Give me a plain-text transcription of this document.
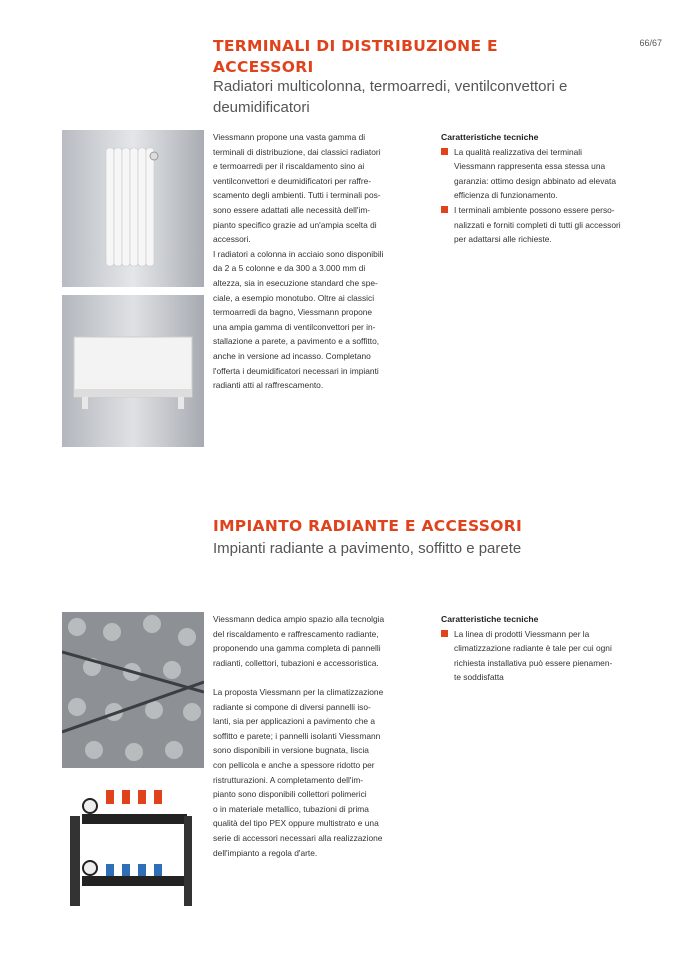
66/67
TERMINALI DI DISTRIBUZIONE E
ACCESSORI
Radiatori multicolonna, termoarredi, ventilconvettori e
deumidificatori
Viessmann propone una vasta gamma di
terminali di distribuzione, dai classici radiatori
e termoarredi per il riscaldamento sino ai
ventilconvettori e deumidificatori per raffre-
scamento degli ambienti. Tutti i terminali pos-
sono essere adattati alle necessità dell'im-
pianto specifico grazie ad un'ampia scelta di
accessori.
I radiatori a colonna in acciaio sono disponibili
da 2 a 5 colonne e da 300 a 3.000 mm di
altezza, sia in esecuzione standard che spe-
ciale, a esempio monotubo. Oltre ai classici
termoarredi da bagno, Viessmann propone
una ampia gamma di ventilconvettori per in-
stallazione a parete, a pavimento e a soffitto,
anche in versione ad incasso. Completano
l'offerta i deumidificatori necessari in impianti
radianti atti al raffrescamento.
Caratteristiche tecniche
La qualità realizzativa dei terminali
Viessmann rappresenta essa stessa una
garanzia: ottimo design abbinato ad elevata
efficienza di funzionamento.
I terminali ambiente possono essere perso-
nalizzati e forniti completi di tutti gli accessori
per adattarsi alle richieste.
IMPIANTO RADIANTE E ACCESSORI
Impianti radiante a pavimento, soffitto e parete
Viessmann dedica ampio spazio alla tecnolgia
del riscaldamento e raffrescamento radiante,
proponendo una gamma completa di pannelli
radianti, collettori, tubazioni e accessoristica.
La proposta Viessmann per la climatizzazione
radiante si compone di diversi pannelli iso-
lanti, sia per applicazioni a pavimento che a
soffitto e parete; i pannelli isolanti Viessmann
sono disponibili in versione bugnata, liscia
con pellicola e anche a spessore ridotto per
ristrutturazioni. A completamento dell'im-
pianto sono disponibili collettori polimerici
o in materiale metallico, tubazioni di prima
qualità del tipo PEX oppure multistrato e una
serie di accessori necessari alla realizzazione
dell'impianto a regola d'arte.
Caratteristiche tecniche
La linea di prodotti Viessmann per la
climatizzazione radiante è tale per cui ogni
richiesta installativa può essere pienamen-
te soddisfatta
